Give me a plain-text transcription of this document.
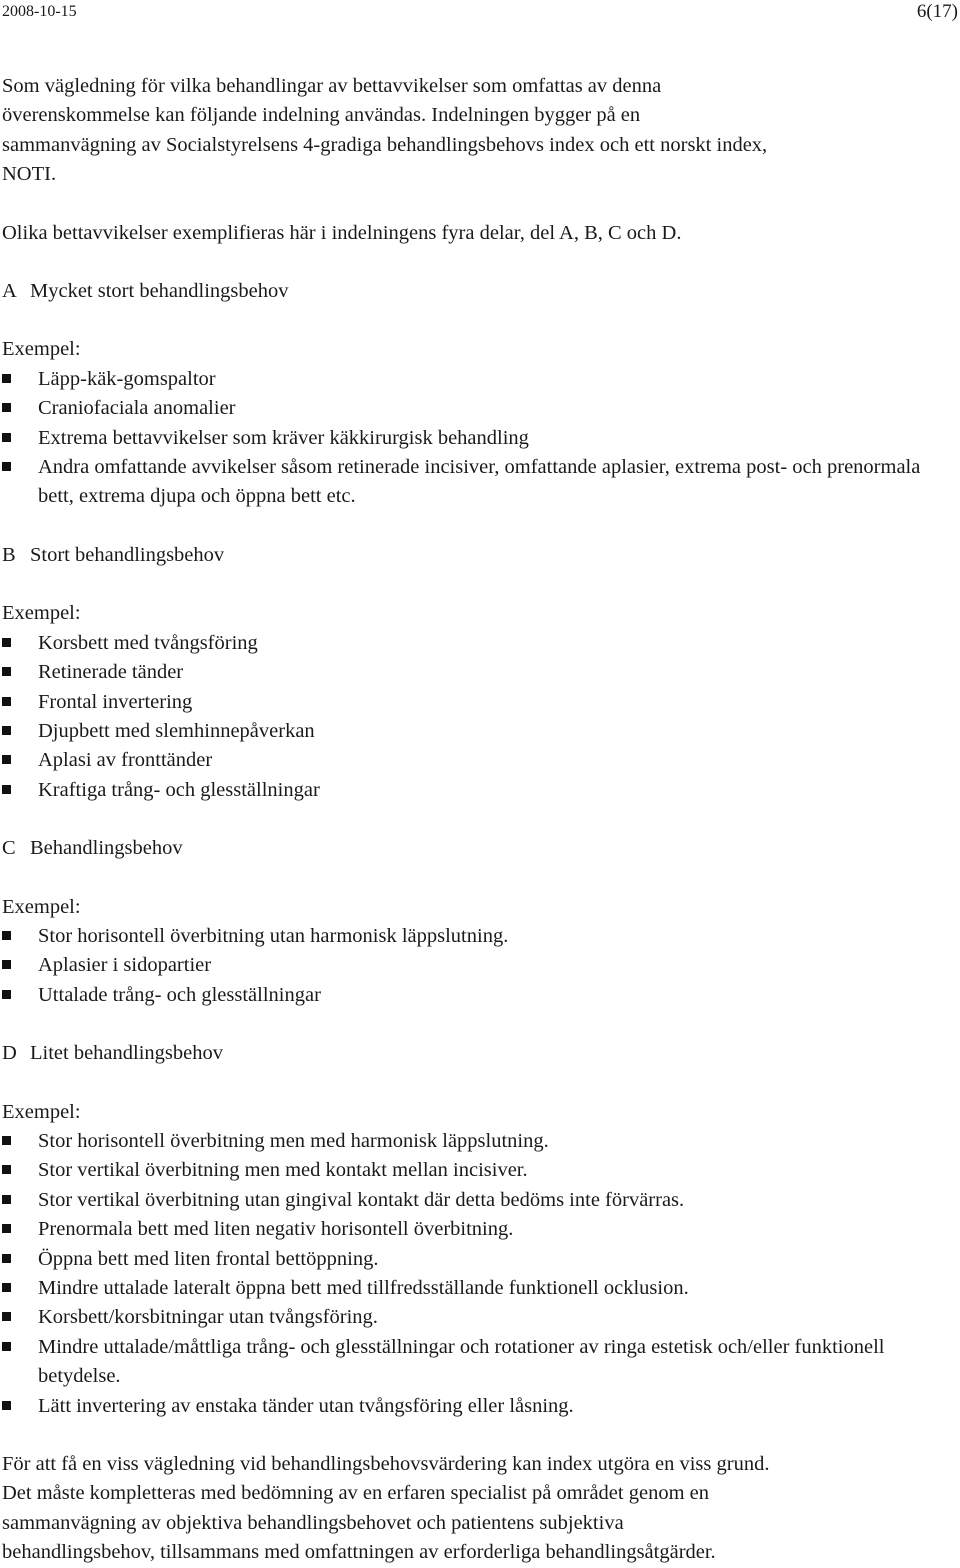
2008-10-15	6(17)

Som vägledning för vilka behandlingar av bettavvikelser som omfattas av denna

överenskommelse kan följande indelning användas. Indelningen bygger på en

sammanvägning av Socialstyrelsens 4-gradiga behandlingsbehovs index och ett norskt index,

NOTI.

Olika bettavvikelser exemplifieras här i indelningens fyra delar, del A, B, C och D.

A Mycket stort behandlingsbehov

Exempel:

Läpp-käk-gomspaltor
Craniofaciala anomalier
Extrema bettavvikelser som kräver käkkirurgisk behandling
Andra omfattande avvikelser såsom retinerade incisiver, omfattande aplasier, extrema post- och prenormala bett, extrema djupa och öppna bett etc.

B Stort behandlingsbehov

Exempel:

Korsbett med tvångsföring
Retinerade tänder
Frontal invertering
Djupbett med slemhinnepåverkan
Aplasi av fronttänder
Kraftiga trång- och glesställningar

C Behandlingsbehov

Exempel:

Stor horisontell överbitning utan harmonisk läppslutning.
Aplasier i sidopartier
Uttalade trång- och glesställningar

D Litet behandlingsbehov

Exempel:

Stor horisontell överbitning men med harmonisk läppslutning.
Stor vertikal överbitning men med kontakt mellan incisiver.
Stor vertikal överbitning utan gingival kontakt där detta bedöms inte förvärras.
Prenormala bett med liten negativ horisontell överbitning.
Öppna bett med liten frontal bettöppning.
Mindre uttalade lateralt öppna bett med tillfredsställande funktionell ocklusion.
Korsbett/korsbitningar utan tvångsföring.
Mindre uttalade/måttliga trång- och glesställningar och rotationer av ringa estetisk och/eller funktionell betydelse.
Lätt invertering av enstaka tänder utan tvångsföring eller låsning.

För att få en viss vägledning vid behandlingsbehovsvärdering kan index utgöra en viss grund.

Det måste kompletteras med bedömning av en erfaren specialist på området genom en

sammanvägning av objektiva behandlingsbehovet och patientens subjektiva

behandlingsbehov, tillsammans med omfattningen av erforderliga behandlingsåtgärder.
